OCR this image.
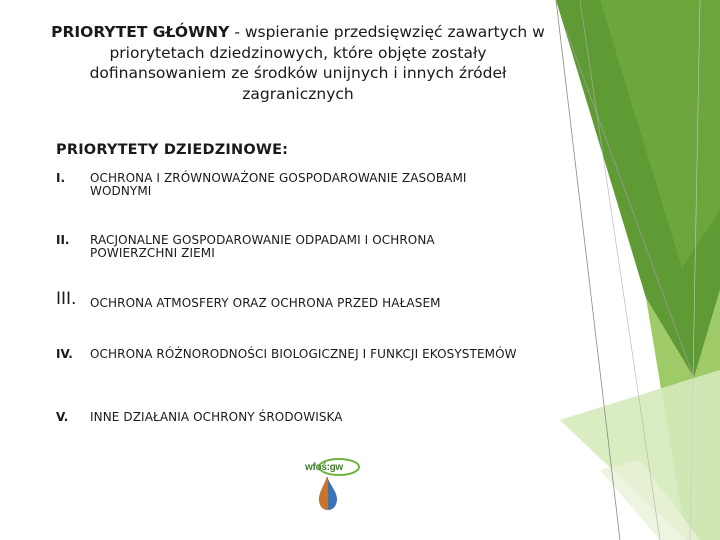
PRIORYTET GŁÓWNY - wspieranie przedsięwzięć zawartych w priorytetach dziedzinowych, które objęte zostały dofinansowaniem ze środków unijnych i innych źródeł zagranicznych
PRIORYTETY DZIEDZINOWE:
I. OCHRONA I ZRÓWNOWAŻONE GOSPODAROWANIE ZASOBAMI WODNYMI
II. RACJONALNE GOSPODAROWANIE ODPADAMI I OCHRONA POWIERZCHNI ZIEMI
III. OCHRONA ATMOSFERY ORAZ OCHRONA PRZED HAŁASEM
IV. OCHRONA RÓŻNORODNOŚCI BIOLOGICZNEJ I FUNKCJI EKOSYSTEMÓW
V. INNE DZIAŁANIA OCHRONY ŚRODOWISKA
wfoś:gw
